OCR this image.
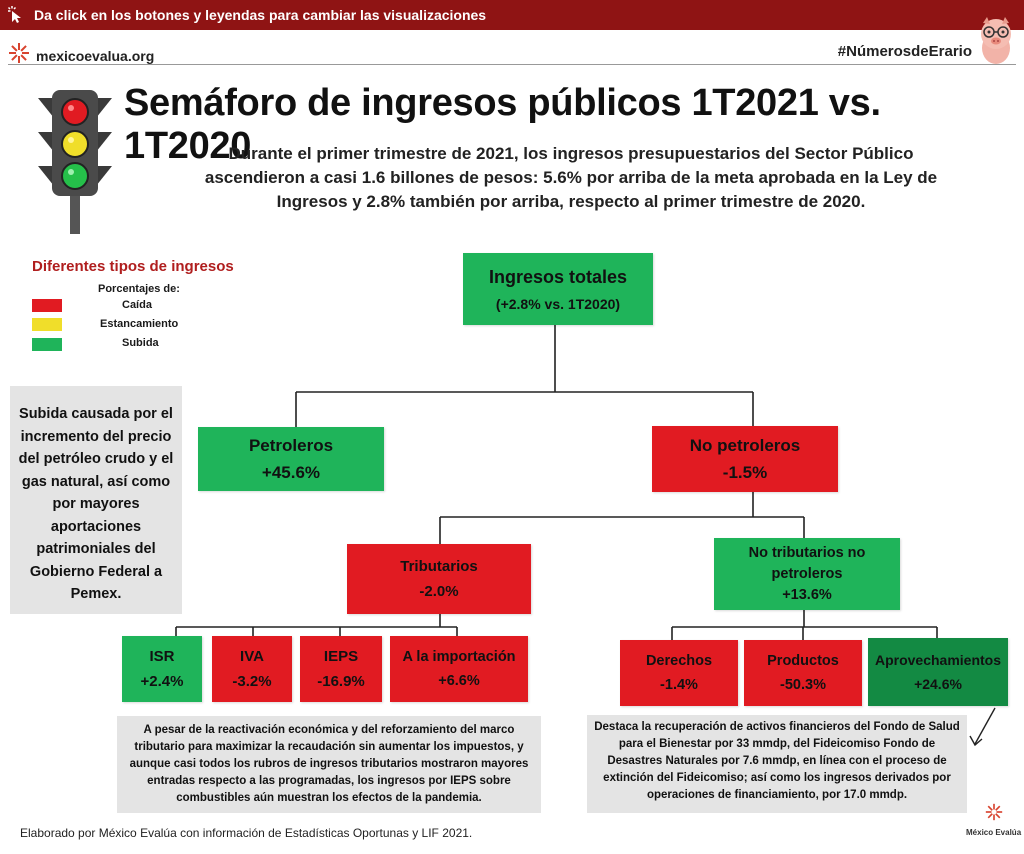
Da click en los botones y leyendas para cambiar las visualizaciones
mexicoevalua.org	#NúmerosdeErario
Semáforo de ingresos públicos 1T2021 vs. 1T2020
Durante el primer trimestre de 2021, los ingresos presupuestarios del Sector Público ascendieron a casi 1.6 billones de pesos: 5.6% por arriba de la meta aprobada en la Ley de Ingresos y 2.8% también por arriba, respecto al primer trimestre de 2020.
Diferentes tipos de ingresos
Porcentajes de:
Caída
Estancamiento
Subida
Ingresos totales
(+2.8% vs. 1T2020)
Petroleros
+45.6%
No petroleros
-1.5%
Tributarios
-2.0%
No tributarios no petroleros
+13.6%
ISR
+2.4%
IVA
-3.2%
IEPS
-16.9%
A la importación
+6.6%
Derechos
-1.4%
Productos
-50.3%
Aprovechamientos
+24.6%
Subida causada por el incremento del precio del petróleo crudo y el gas natural, así como por mayores aportaciones patrimoniales del Gobierno Federal a Pemex.
A pesar de la reactivación económica y del reforzamiento del marco tributario para maximizar la recaudación sin aumentar los impuestos, y aunque casi todos los rubros de ingresos tributarios mostraron mayores entradas respecto a las programadas, los ingresos por IEPS sobre combustibles aún muestran los efectos de la pandemia.
Destaca la recuperación de activos financieros del Fondo de Salud para el Bienestar por 33 mmdp, del Fideicomiso Fondo de Desastres Naturales por 7.6 mmdp, en línea con el proceso de extinción del Fideicomiso; así como los ingresos derivados por operaciones de financiamiento, por 17.0 mmdp.
Elaborado por México Evalúa con información de Estadísticas Oportunas y LIF 2021.	México Evalúa
